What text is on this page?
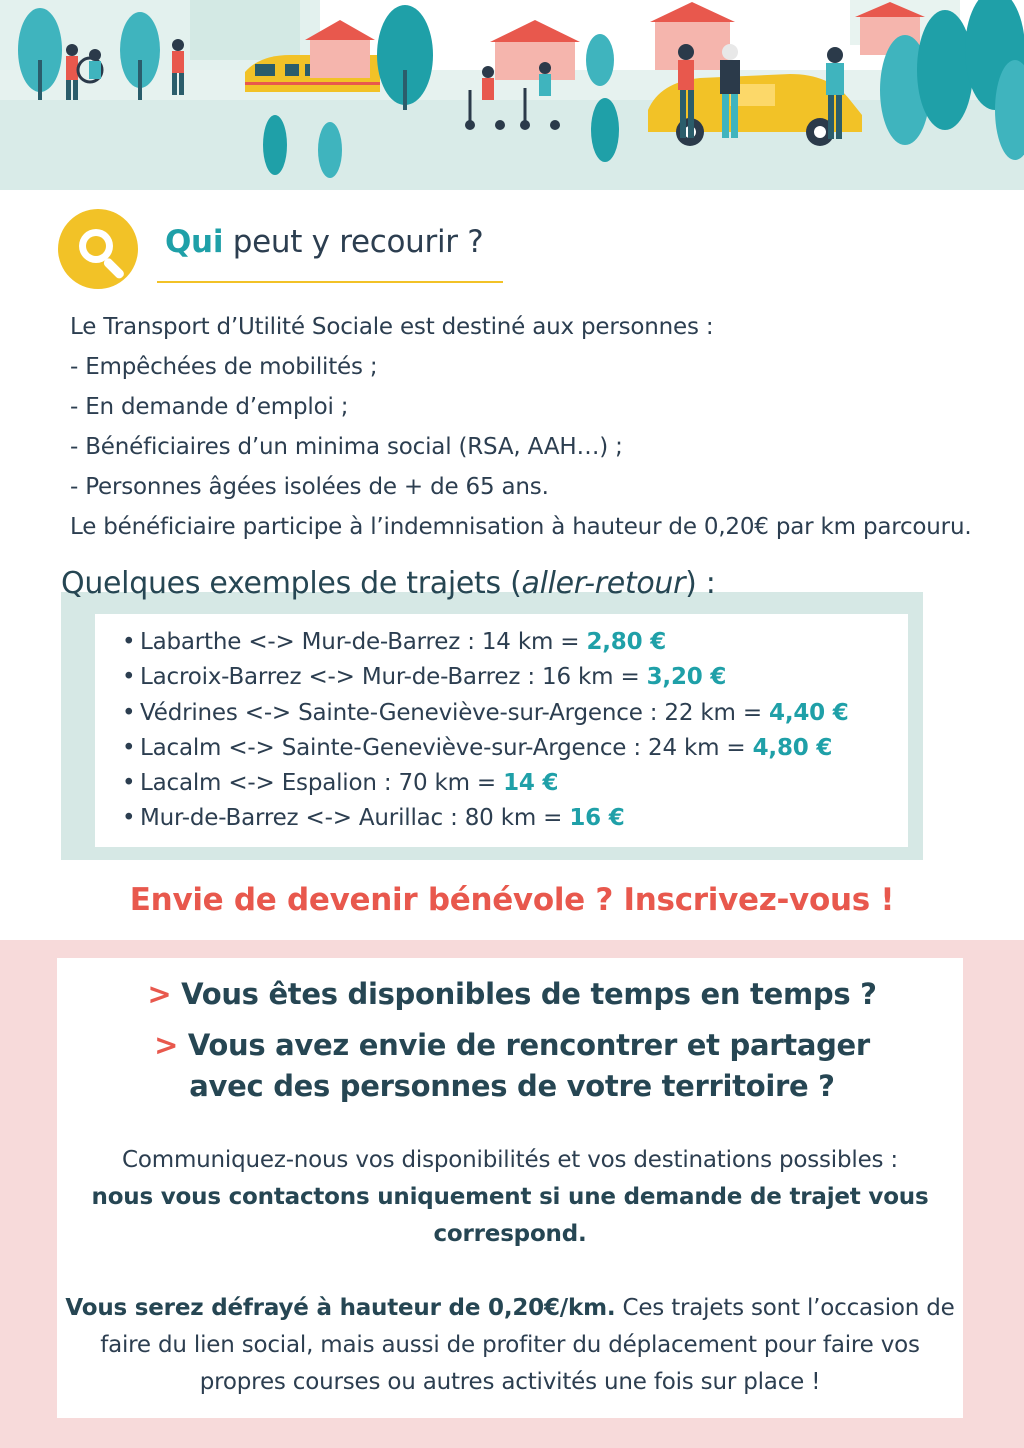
Qui peut y recourir ?

Le Transport d’Utilité Sociale est destiné aux personnes :

- Empêchées de mobilités ;

- En demande d’emploi ;

- Bénéficiaires d’un minima social (RSA, AAH…) ;

- Personnes âgées isolées de + de 65 ans.

Le bénéficiaire participe à l’indemnisation à hauteur de 0,20€ par km parcouru.

Quelques exemples de trajets (aller-retour) :
• Labarthe <-> Mur-de-Barrez : 14 km = 2,80 €
• Lacroix-Barrez <-> Mur-de-Barrez : 16 km = 3,20 €
• Védrines <-> Sainte-Geneviève-sur-Argence : 22 km = 4,40 €
• Lacalm <-> Sainte-Geneviève-sur-Argence : 24 km = 4,80 €
• Lacalm <-> Espalion : 70 km = 14 €
• Mur-de-Barrez <-> Aurillac : 80 km = 16 €
Envie de devenir bénévole ? Inscrivez-vous !
> Vous êtes disponibles de temps en temps ?
> Vous avez envie de rencontrer et partager
avec des personnes de votre territoire ?
Communiquez-nous vos disponibilités et vos destinations possibles :
nous vous contactons uniquement si une demande de trajet vous correspond.
Vous serez défrayé à hauteur de 0,20€/km. Ces trajets sont l’occasion de faire du lien social, mais aussi de profiter du déplacement pour faire vos propres courses ou autres activités une fois sur place !
